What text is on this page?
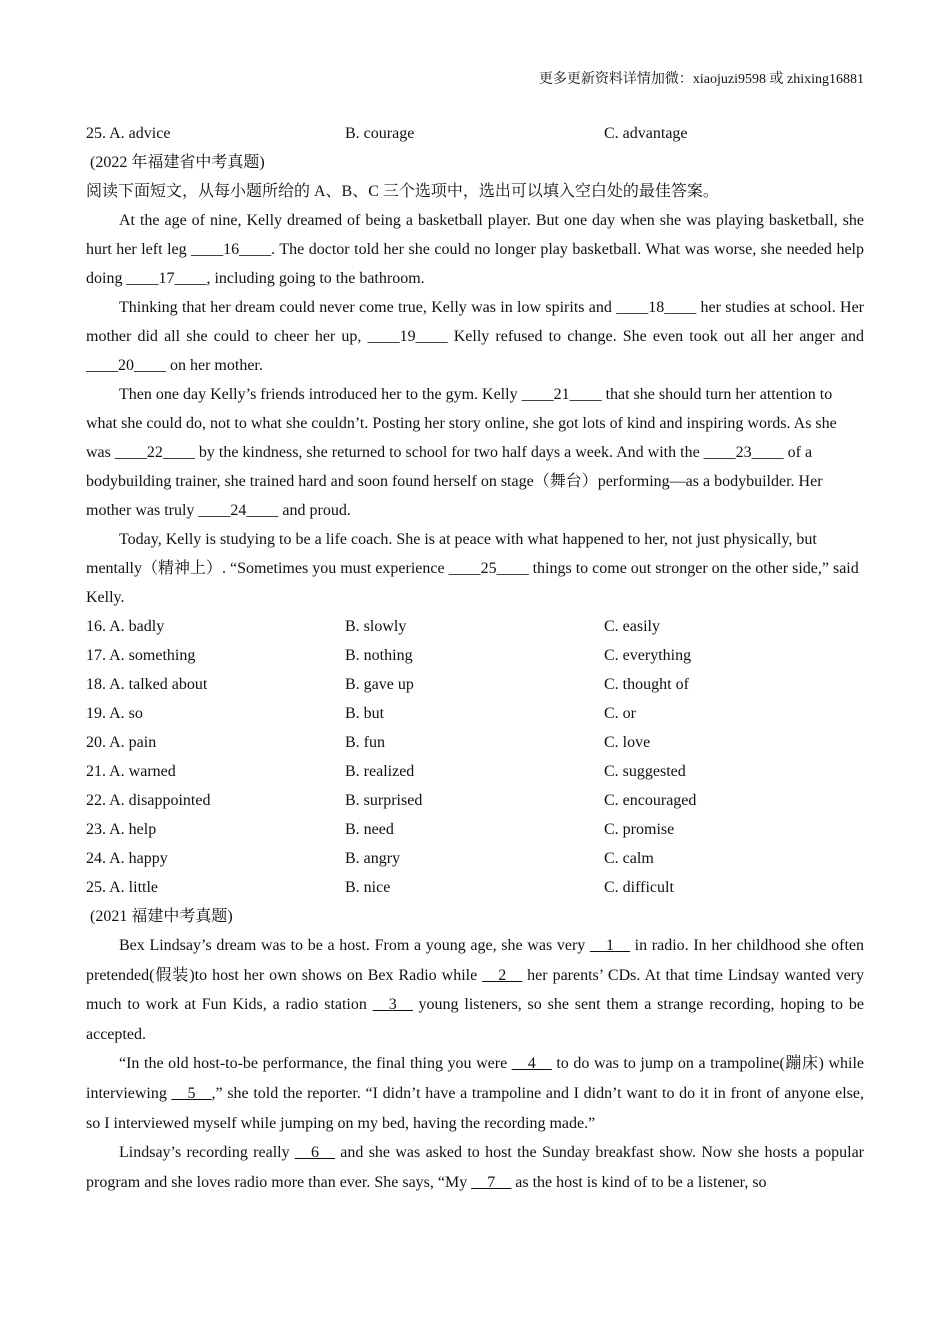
更多更新资料详情加微：xiaojuzi9598 或 zhixing16881
25. A. advice	B. courage	C. advantage
(2022 年福建省中考真题)
阅读下面短文，从每小题所给的 A、B、C 三个选项中，选出可以填入空白处的最佳答案。

At the age of nine, Kelly dreamed of being a basketball player. But one day when she was playing basketball, she hurt her left leg ____16____. The doctor told her she could no longer play basketball. What was worse, she needed help doing ____17____, including going to the bathroom.

Thinking that her dream could never come true, Kelly was in low spirits and ____18____ her studies at school. Her mother did all she could to cheer her up, ____19____ Kelly refused to change. She even took out all her anger and ____20____ on her mother.

Then one day Kelly’s friends introduced her to the gym. Kelly ____21____ that she should turn her attention to what she could do, not to what she couldn’t. Posting her story online, she got lots of kind and inspiring words. As she was ____22____ by the kindness, she returned to school for two half days a week. And with the ____23____ of a bodybuilding trainer, she trained hard and soon found herself on stage（舞台）performing—as a bodybuilder. Her mother was truly ____24____ and proud.

Today, Kelly is studying to be a life coach. She is at peace with what happened to her, not just physically, but mentally（精神上）. “Sometimes you must experience ____25____ things to come out stronger on the other side,” said Kelly.

16. A. badly	B. slowly	C. easily
17. A. something	B. nothing	C. everything
18. A. talked about	B. gave up	C. thought of
19. A. so	B. but	C. or
20. A. pain	B. fun	C. love
21. A. warned	B. realized	C. suggested
22. A. disappointed	B. surprised	C. encouraged
23. A. help	B. need	C. promise
24. A. happy	B. angry	C. calm
25. A. little	B. nice	C. difficult
(2021 福建中考真题)

Bex Lindsay’s dream was to be a host. From a young age, she was very __1__ in radio. In her childhood she often pretended(假装)to host her own shows on Bex Radio while __2__ her parents’ CDs. At that time Lindsay wanted very much to work at Fun Kids, a radio station __3__ young listeners, so she sent them a strange recording, hoping to be accepted.

“In the old host-to-be performance, the final thing you were __4__ to do was to jump on a trampoline(蹦床) while interviewing __5__,” she told the reporter. “I didn’t have a trampoline and I didn’t want to do it in front of anyone else, so I interviewed myself while jumping on my bed, having the recording made.”

Lindsay’s recording really __6__ and she was asked to host the Sunday breakfast show. Now she hosts a popular program and she loves radio more than ever. She says, “My __7__ as the host is kind of to be a listener, so
